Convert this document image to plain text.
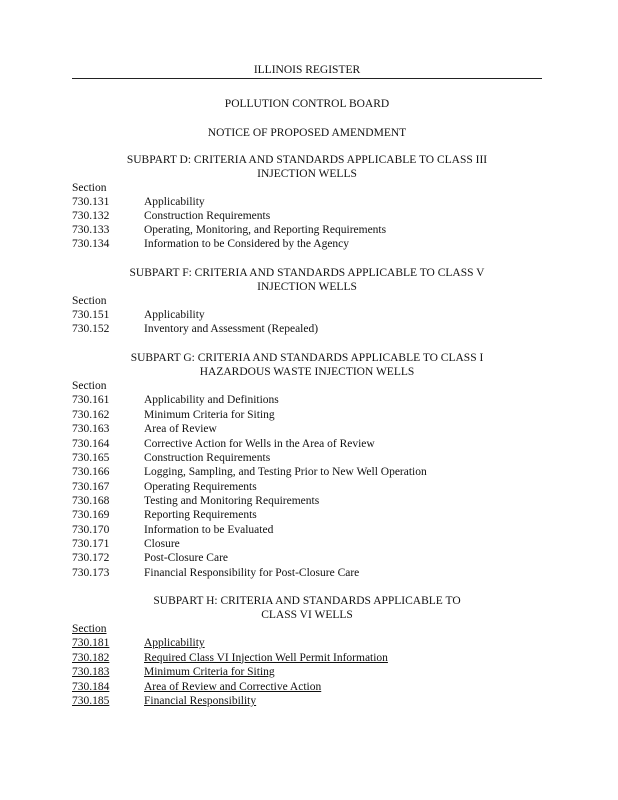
ILLINOIS REGISTER
POLLUTION CONTROL BOARD
NOTICE OF PROPOSED AMENDMENT
SUBPART D: CRITERIA AND STANDARDS APPLICABLE TO CLASS III
INJECTION WELLS
Section
730.131	Applicability
730.132	Construction Requirements
730.133	Operating, Monitoring, and Reporting Requirements
730.134	Information to be Considered by the Agency
SUBPART F: CRITERIA AND STANDARDS APPLICABLE TO CLASS V
INJECTION WELLS
Section
730.151	Applicability
730.152	Inventory and Assessment (Repealed)
SUBPART G: CRITERIA AND STANDARDS APPLICABLE TO CLASS I
HAZARDOUS WASTE INJECTION WELLS
Section
730.161	Applicability and Definitions
730.162	Minimum Criteria for Siting
730.163	Area of Review
730.164	Corrective Action for Wells in the Area of Review
730.165	Construction Requirements
730.166	Logging, Sampling, and Testing Prior to New Well Operation
730.167	Operating Requirements
730.168	Testing and Monitoring Requirements
730.169	Reporting Requirements
730.170	Information to be Evaluated
730.171	Closure
730.172	Post-Closure Care
730.173	Financial Responsibility for Post-Closure Care
SUBPART H: CRITERIA AND STANDARDS APPLICABLE TO
CLASS VI WELLS
Section
730.181	Applicability
730.182	Required Class VI Injection Well Permit Information
730.183	Minimum Criteria for Siting
730.184	Area of Review and Corrective Action
730.185	Financial Responsibility
